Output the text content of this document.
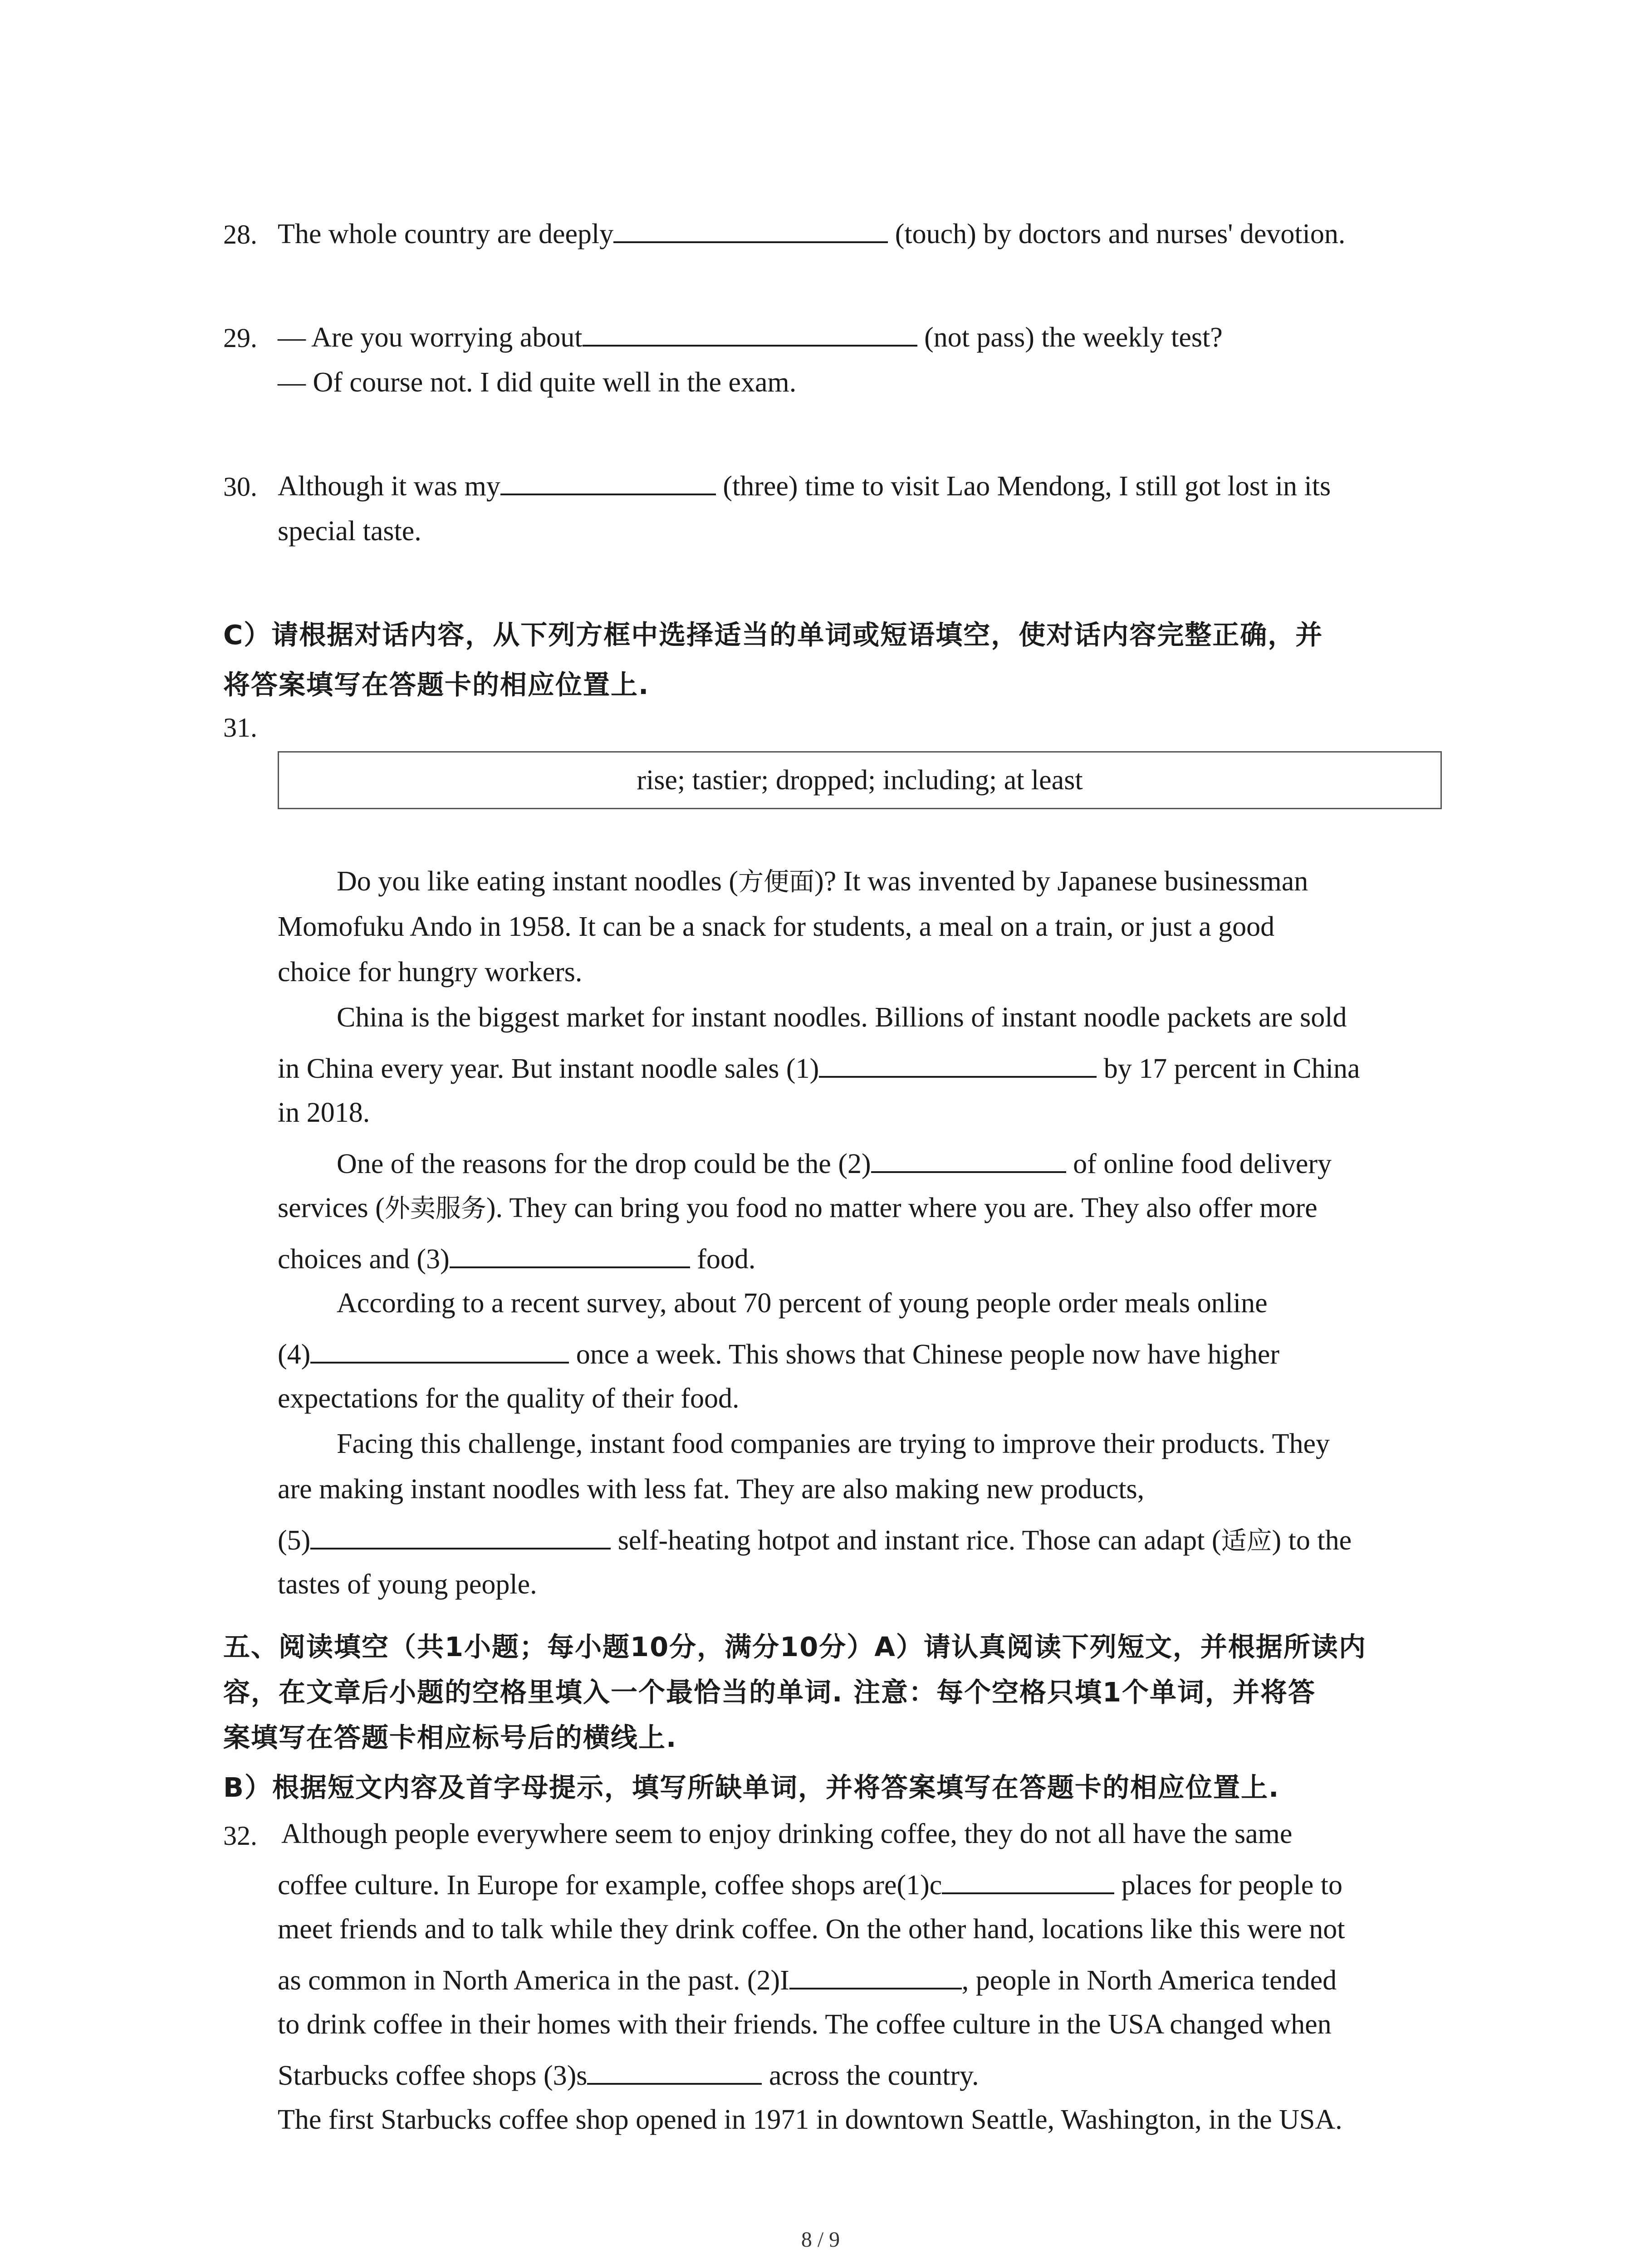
28. The whole country are deeply	(touch) by doctors and nurses' devotion.
29. — Are you worrying about	(not pass) the weekly test?
— Of course not. I did quite well in the exam.
30. Although it was my	(three) time to visit Lao Mendong, I still got lost in its
special taste.
C）请根据对话内容，从下列方框中选择适当的单词或短语填空，使对话内容完整正确，并
将答案填写在答题卡的相应位置上.
31.
rise; tastier; dropped; including; at least
Do you like eating instant noodles (方便面)? It was invented by Japanese businessman
Momofuku Ando in 1958. It can be a snack for students, a meal on a train, or just a good
choice for hungry workers.
China is the biggest market for instant noodles. Billions of instant noodle packets are sold
in China every year. But instant noodle sales (1)	by 17 percent in China
in 2018.
One of the reasons for the drop could be the (2)	of online food delivery
services (外卖服务). They can bring you food no matter where you are. They also offer more
choices and (3)	food.
According to a recent survey, about 70 percent of young people order meals online
(4)	once a week. This shows that Chinese people now have higher
expectations for the quality of their food.
Facing this challenge, instant food companies are trying to improve their products. They
are making instant noodles with less fat. They are also making new products,
(5)	self-heating hotpot and instant rice. Those can adapt (适应) to the
tastes of young people.
五、阅读填空（共1小题；每小题10分，满分10分）A）请认真阅读下列短文，并根据所读内
容，在文章后小题的空格里填入一个最恰当的单词. 注意：每个空格只填1个单词，并将答
案填写在答题卡相应标号后的横线上.
B）根据短文内容及首字母提示，填写所缺单词，并将答案填写在答题卡的相应位置上.
32. Although people everywhere seem to enjoy drinking coffee, they do not all have the same
coffee culture. In Europe for example, coffee shops are(1)c	places for people to
meet friends and to talk while they drink coffee. On the other hand, locations like this were not
as common in North America in the past. (2)I	, people in North America tended
to drink coffee in their homes with their friends. The coffee culture in the USA changed when
Starbucks coffee shops (3)s	across the country.
The first Starbucks coffee shop opened in 1971 in downtown Seattle, Washington, in the USA.
8 / 9
